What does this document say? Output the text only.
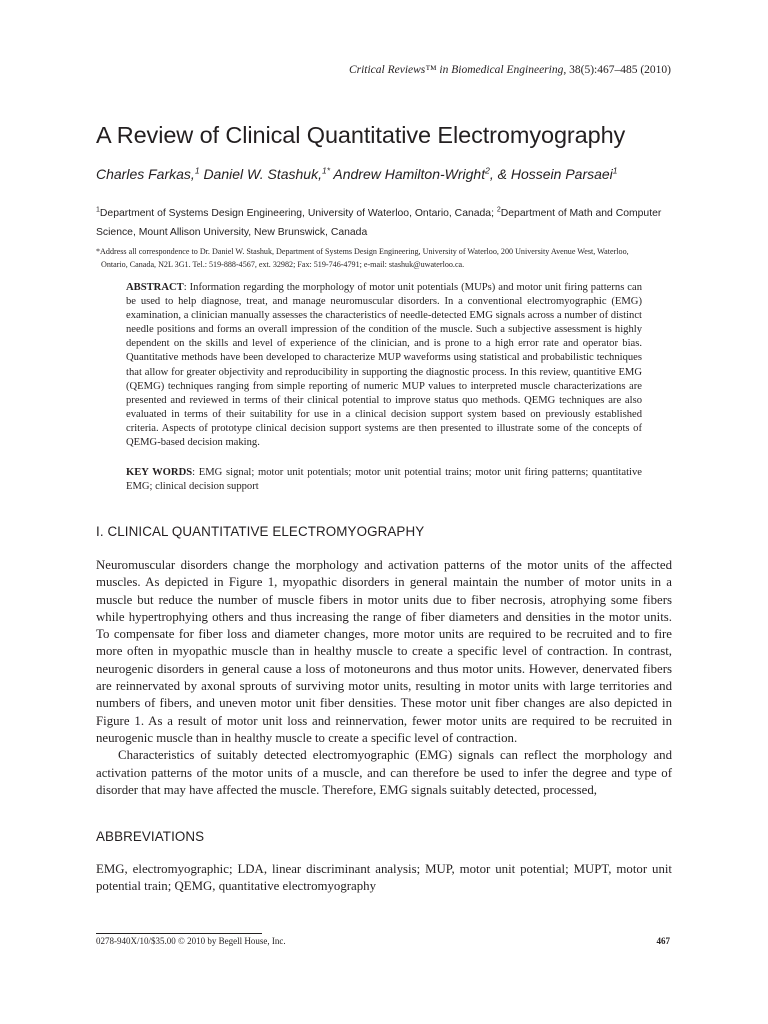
Critical Reviews™ in Biomedical Engineering, 38(5):467–485 (2010)
A Review of Clinical Quantitative Electromyography
Charles Farkas,$^1$ Daniel W. Stashuk,$^{1*}$ Andrew Hamilton-Wright$^2$, & Hossein Parsaei$^1$
$^1$Department of Systems Design Engineering, University of Waterloo, Ontario, Canada; $^2$Department of Math and Computer Science, Mount Allison University, New Brunswick, Canada
*Address all correspondence to Dr. Daniel W. Stashuk, Department of Systems Design Engineering, University of Waterloo, 200 University Avenue West, Waterloo,
Ontario, Canada, N2L 3G1. Tel.: 519-888-4567, ext. 32982; Fax: 519-746-4791; e-mail: stashuk@uwaterloo.ca.
ABSTRACT: Information regarding the morphology of motor unit potentials (MUPs) and motor unit firing patterns can be used to help diagnose, treat, and manage neuromuscular disorders. In a conventional electromyographic (EMG) examination, a clinician manually assesses the characteristics of needle-detected EMG signals across a number of distinct needle positions and forms an overall impression of the condition of the muscle. Such a subjective assessment is highly dependent on the skills and level of experience of the clinician, and is prone to a high error rate and operator bias. Quantitative methods have been developed to characterize MUP waveforms using statistical and probabilistic techniques that allow for greater objectivity and reproducibility in supporting the diagnostic process. In this review, quantitive EMG (QEMG) techniques ranging from simple reporting of numeric MUP values to interpreted muscle characterizations are presented and reviewed in terms of their clinical potential to improve status quo methods. QEMG techniques are also evaluated in terms of their suitability for use in a clinical decision support system based on previously established criteria. Aspects of prototype clinical decision support systems are then presented to illustrate some of the concepts of QEMG-based decision making.
KEY WORDS: EMG signal; motor unit potentials; motor unit potential trains; motor unit firing patterns; quantitative EMG; clinical decision support
I. CLINICAL QUANTITATIVE ELECTROMYOGRAPHY

Neuromuscular disorders change the morphology and activation patterns of the motor units of the affected muscles. As depicted in Figure 1, myopathic disorders in general maintain the number of motor units in a muscle but reduce the number of muscle fibers in motor units due to fiber necrosis, atrophying some fibers while hypertrophying others and thus increasing the range of fiber diameters and densities in the motor units. To compensate for fiber loss and diameter changes, more motor units are required to be recruited and to fire more often in myopathic muscle than in healthy muscle to create a specific level of contraction. In contrast, neurogenic disorders in general cause a loss of motoneurons and thus motor units. However, denervated fibers are reinnervated by axonal sprouts of surviving motor units, resulting in motor units with large territories and numbers of fibers, and uneven motor unit fiber densities. These motor unit fiber changes are also depicted in Figure 1. As a result of motor unit loss and reinnervation, fewer motor units are required to be recruited in neurogenic muscle than in healthy muscle to create a specific level of contraction.

Characteristics of suitably detected electromyographic (EMG) signals can reflect the morphology and activation patterns of the motor units of a muscle, and can therefore be used to infer the degree and type of disorder that may have affected the muscle. Therefore, EMG signals suitably detected, processed,

ABBREVIATIONS
EMG, electromyographic; LDA, linear discriminant analysis; MUP, motor unit potential; MUPT, motor unit potential train; QEMG, quantitative electromyography
0278-940X/10/$35.00 © 2010 by Begell House, Inc.	467
